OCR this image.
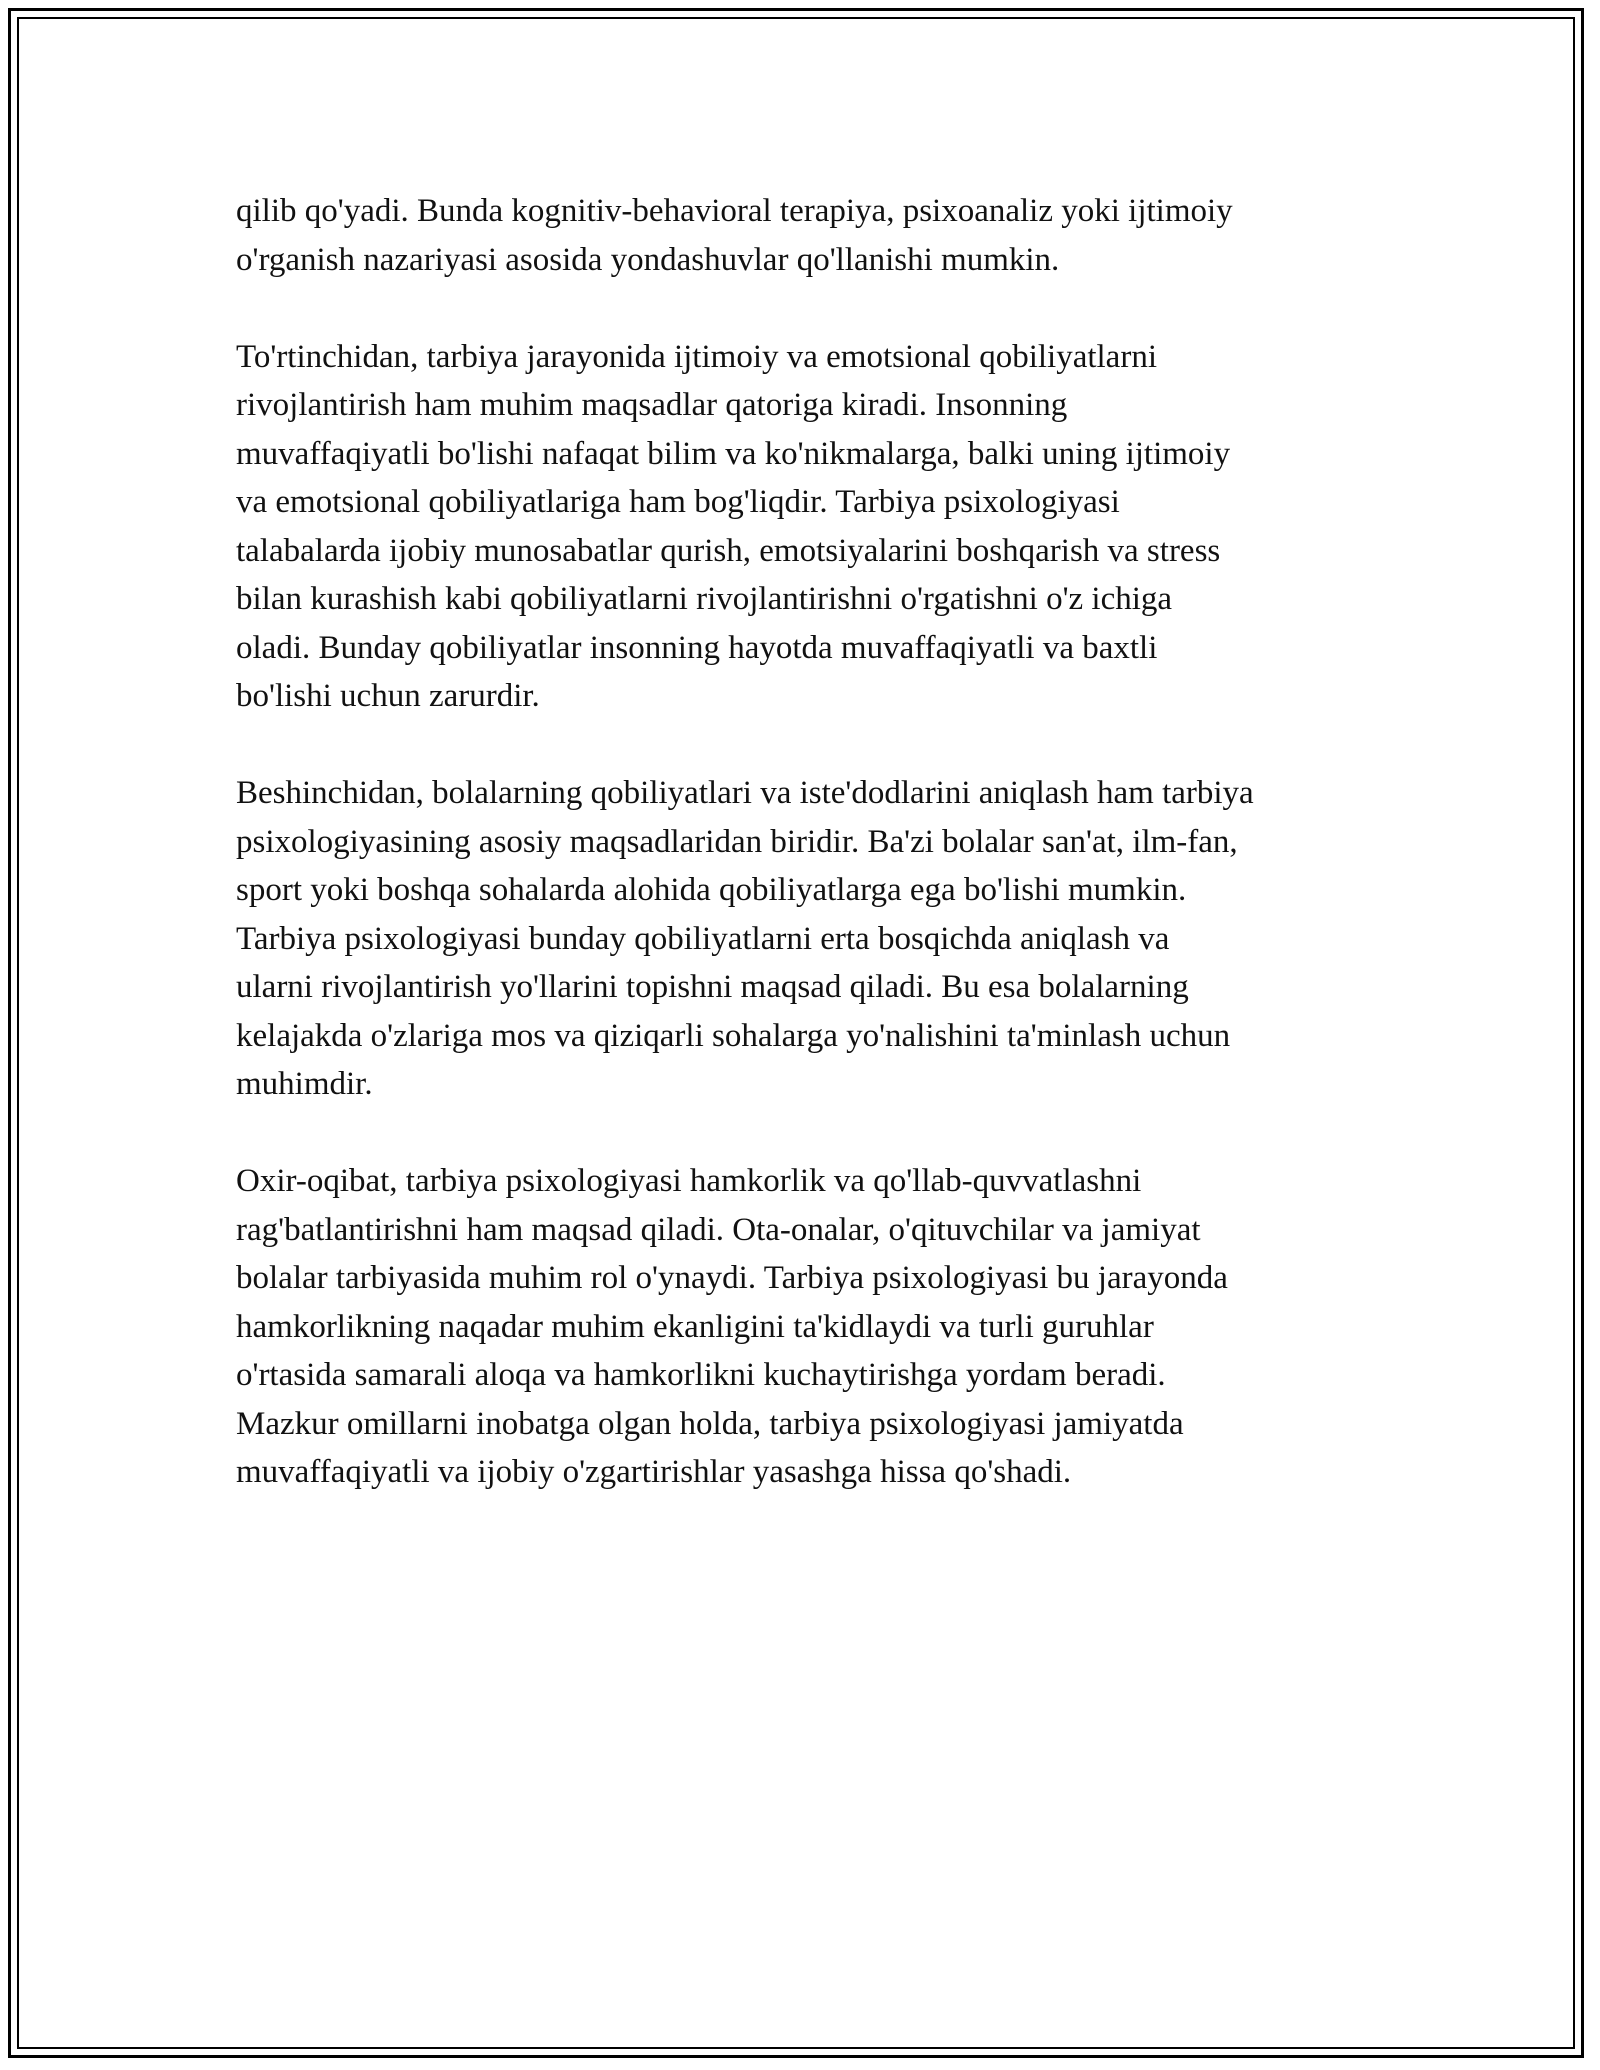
qilib qo'yadi. Bunda kognitiv-behavioral terapiya, psixoanaliz yoki ijtimoiy
o'rganish nazariyasi asosida yondashuvlar qo'llanishi mumkin.

To'rtinchidan, tarbiya jarayonida ijtimoiy va emotsional qobiliyatlarni
rivojlantirish ham muhim maqsadlar qatoriga kiradi. Insonning
muvaffaqiyatli bo'lishi nafaqat bilim va ko'nikmalarga, balki uning ijtimoiy
va emotsional qobiliyatlariga ham bog'liqdir. Tarbiya psixologiyasi
talabalarda ijobiy munosabatlar qurish, emotsiyalarini boshqarish va stress
bilan kurashish kabi qobiliyatlarni rivojlantirishni o'rgatishni o'z ichiga
oladi. Bunday qobiliyatlar insonning hayotda muvaffaqiyatli va baxtli
bo'lishi uchun zarurdir.

Beshinchidan, bolalarning qobiliyatlari va iste'dodlarini aniqlash ham tarbiya
psixologiyasining asosiy maqsadlaridan biridir. Ba'zi bolalar san'at, ilm-fan,
sport yoki boshqa sohalarda alohida qobiliyatlarga ega bo'lishi mumkin.
Tarbiya psixologiyasi bunday qobiliyatlarni erta bosqichda aniqlash va
ularni rivojlantirish yo'llarini topishni maqsad qiladi. Bu esa bolalarning
kelajakda o'zlariga mos va qiziqarli sohalarga yo'nalishini ta'minlash uchun
muhimdir.

Oxir-oqibat, tarbiya psixologiyasi hamkorlik va qo'llab-quvvatlashni
rag'batlantirishni ham maqsad qiladi. Ota-onalar, o'qituvchilar va jamiyat
bolalar tarbiyasida muhim rol o'ynaydi. Tarbiya psixologiyasi bu jarayonda
hamkorlikning naqadar muhim ekanligini ta'kidlaydi va turli guruhlar
o'rtasida samarali aloqa va hamkorlikni kuchaytirishga yordam beradi.
Mazkur omillarni inobatga olgan holda, tarbiya psixologiyasi jamiyatda
muvaffaqiyatli va ijobiy o'zgartirishlar yasashga hissa qo'shadi.
